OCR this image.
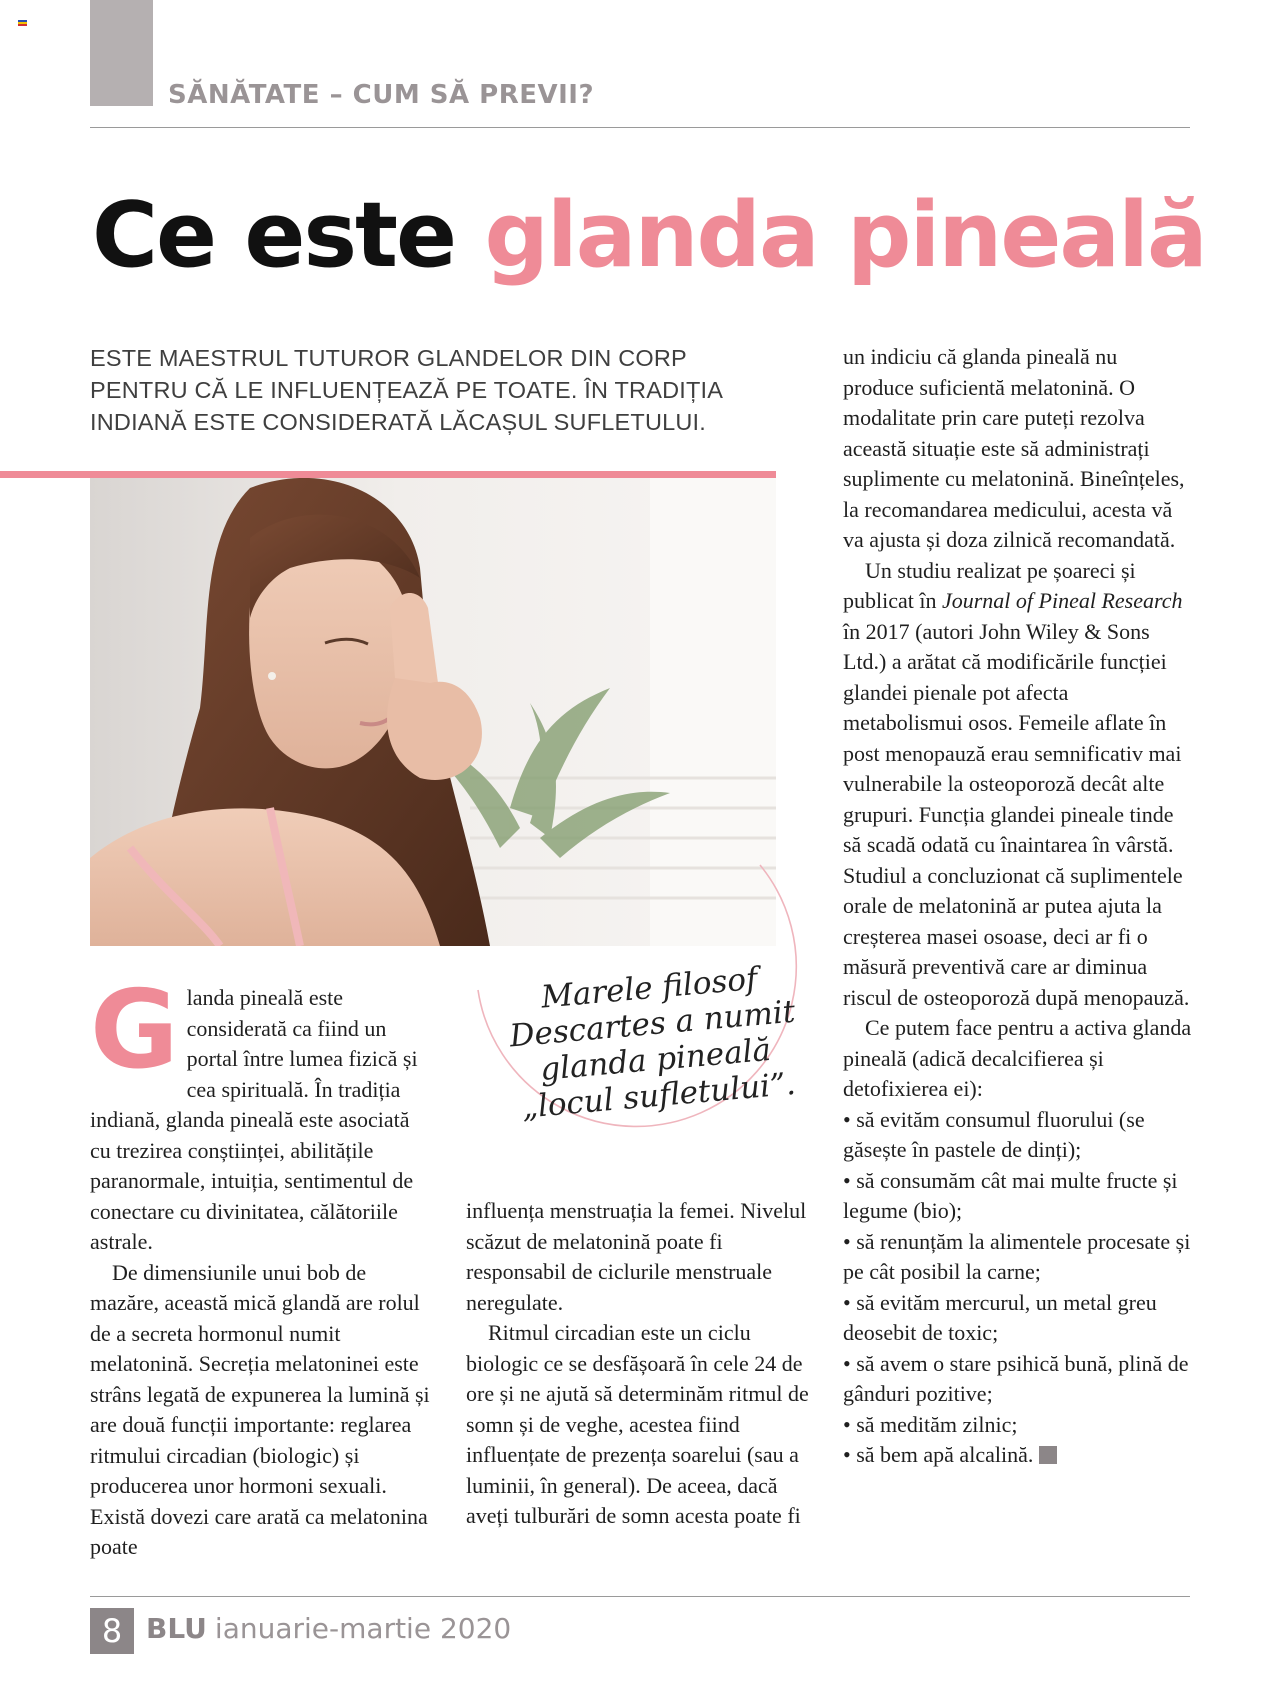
SĂNĂTATE – CUM SĂ PREVII?
Ce este glanda pineală
ESTE MAESTRUL TUTUROR GLANDELOR DIN CORP PENTRU CĂ LE INFLUENȚEAZĂ PE TOATE. ÎN TRADIȚIA INDIANĂ ESTE CONSIDERATĂ LĂCAȘUL SUFLETULUI.
Marele filosof Descartes a numit glanda pineală „locul sufletului”.

Glanda pineală este considerată ca fiind un portal între lumea fizică și cea spirituală. În tradiția indiană, glanda pineală este asociată cu trezirea conștiinței, abilitățile paranormale, intuiția, sentimentul de conectare cu divinitatea, călătoriile astrale.

De dimensiunile unui bob de mazăre, această mică glandă are rolul de a secreta hormonul numit melatonină. Secreția melatoninei este strâns legată de expunerea la lumină și are două funcții importante: reglarea ritmului circadian (biologic) și producerea unor hormoni sexuali. Există dovezi care arată ca melatonina poate

influența menstruația la femei. Nivelul scăzut de melatonină poate fi responsabil de ciclurile menstruale neregulate.

Ritmul circadian este un ciclu biologic ce se desfășoară în cele 24 de ore și ne ajută să determinăm ritmul de somn și de veghe, acestea fiind influențate de prezența soarelui (sau a luminii, în general). De aceea, dacă aveți tulburări de somn acesta poate fi

un indiciu că glanda pineală nu produce suficientă melatonină. O modalitate prin care puteți rezolva această situație este să administrați suplimente cu melatonină. Bineînțeles, la recomandarea medicului, acesta vă va ajusta și doza zilnică recomandată.

Un studiu realizat pe șoareci și publicat în Journal of Pineal Research în 2017 (autori John Wiley & Sons Ltd.) a arătat că modificările funcției glandei pienale pot afecta metabolismui osos. Femeile aflate în post menopauză erau semnificativ mai vulnerabile la osteoporoză decât alte grupuri. Funcția glandei pineale tinde să scadă odată cu înaintarea în vârstă. Studiul a concluzionat că suplimentele orale de melatonină ar putea ajuta la creșterea masei osoase, deci ar fi o măsură preventivă care ar diminua riscul de osteoporoză după menopauză.

Ce putem face pentru a activa glanda pineală (adică decalcifierea și detofixierea ei):

• să evităm consumul fluorului (se găsește în pastele de dinți);
• să consumăm cât mai multe fructe și legume (bio);
• să renunțăm la alimentele procesate și pe cât posibil la carne;
• să evităm mercurul, un metal greu deosebit de toxic;
• să avem o stare psihică bună, plină de gânduri pozitive;
• să medităm zilnic;
• să bem apă alcalină.
8 BLU ianuarie-martie 2020
